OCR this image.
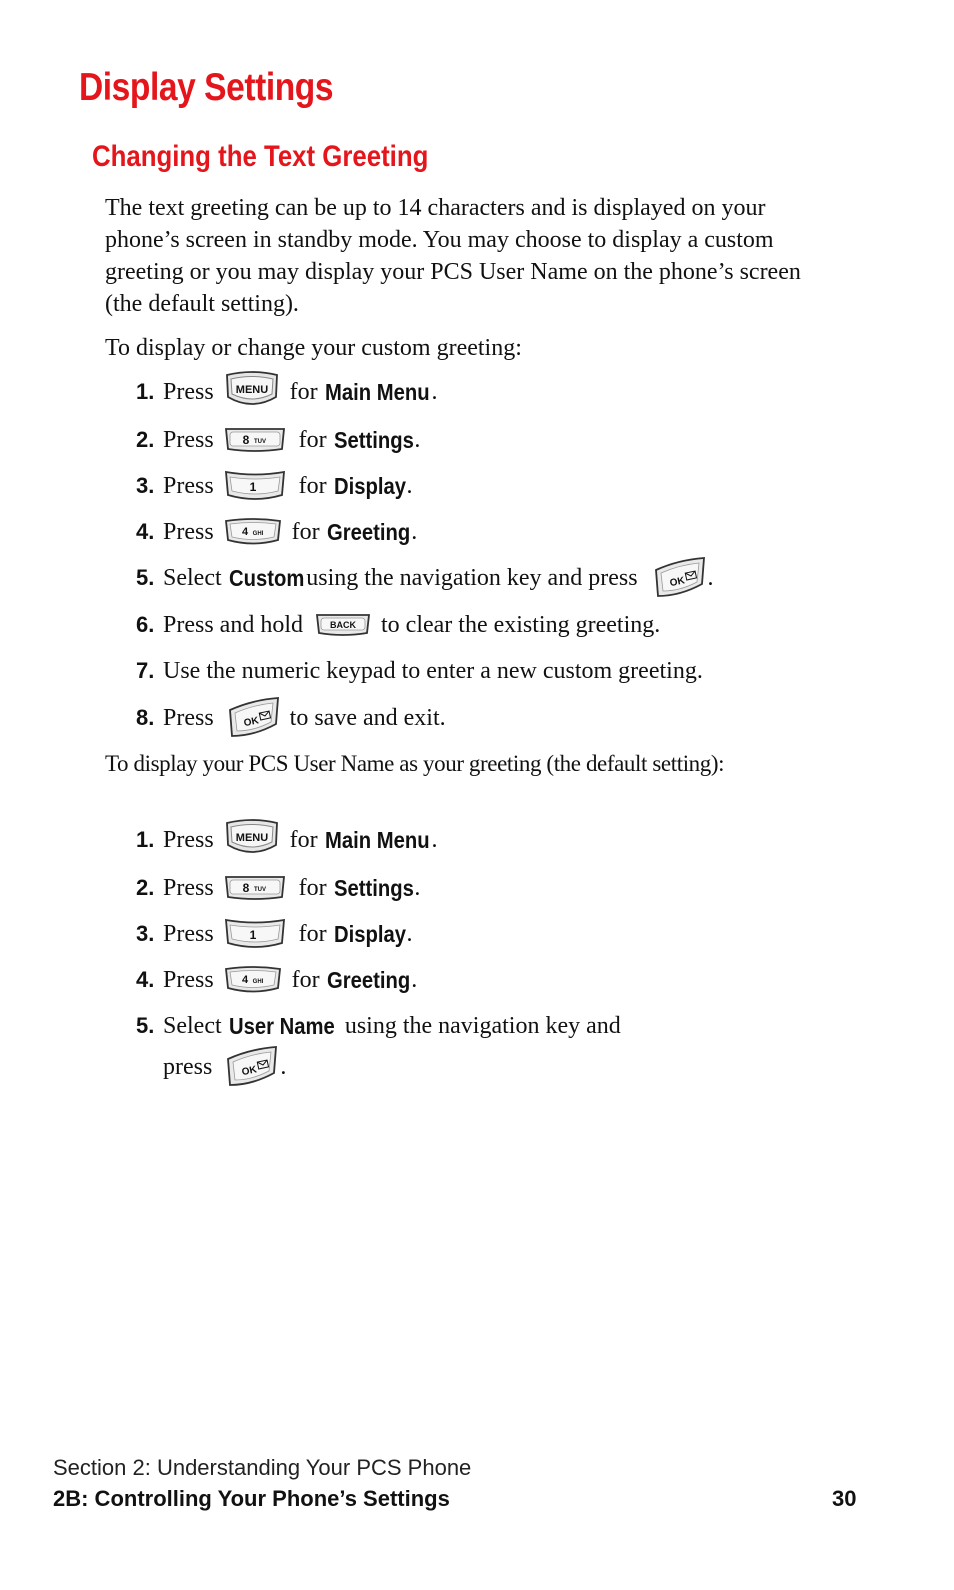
Display Settings
Changing the Text Greeting

The text greeting can be up to 14 characters and is displayed on your phone’s screen in standby mode. You may choose to display a custom greeting or you may display your PCS User Name on the phone’s screen (the default setting).

To display or change your custom greeting:

1. Press MENU for Main Menu .
2. Press 8 TUV for Settings .
3. Press	1 for Display .
4. Press	4 GHI for Greeting .
5. Select Custom using the navigation key and press	OK .
6. Press and hold	BACK to clear the existing greeting.
7. Use the numeric keypad to enter a new custom greeting.
8. Press	OK to save and exit.

To display your PCS User Name as your greeting (the default setting):

1. Press MENU for Main Menu .
2. Press 8 TUV for Settings .
3. Press	1 for Display .
4. Press	4 GHI for Greeting .
5. Select User Name using the navigation key and
press	OK .
Section 2: Understanding Your PCS Phone
2B: Controlling Your Phone’s Settings	30
